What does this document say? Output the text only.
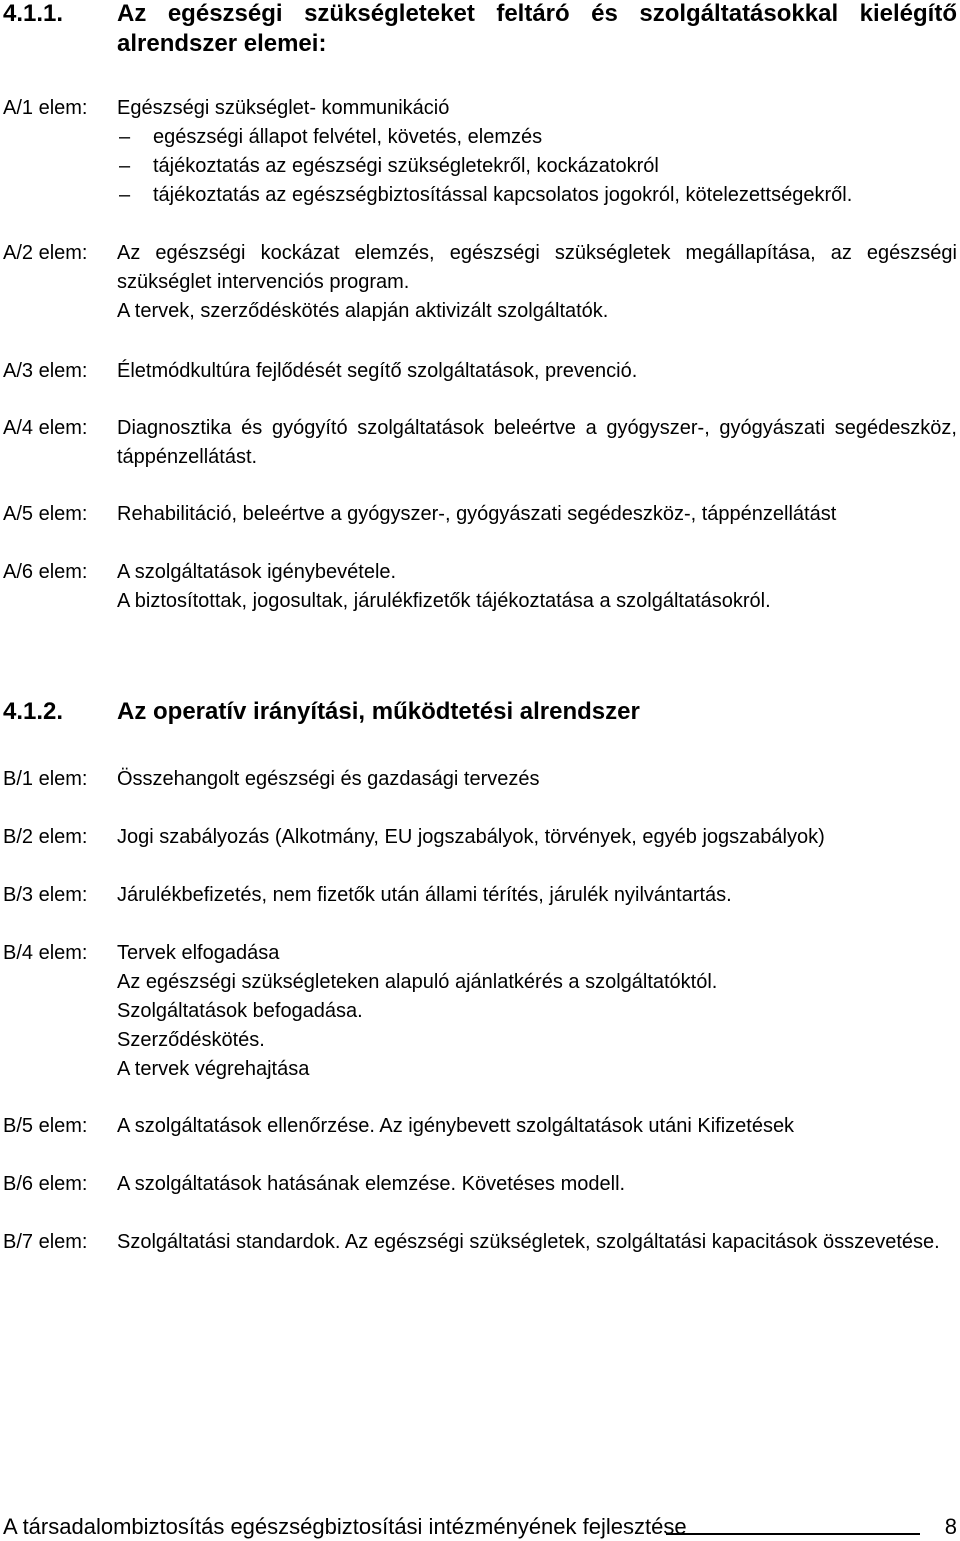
4.1.1. Az egészségi szükségleteket feltáró és szolgáltatásokkal kielégítő alrendszer elemei:
A/1 elem: Egészségi szükséglet- kommunikáció
– egészségi állapot felvétel, követés, elemzés
– tájékoztatás az egészségi szükségletekről, kockázatokról
– tájékoztatás az egészségbiztosítással kapcsolatos jogokról, kötelezettségekről.
A/2 elem: Az egészségi kockázat elemzés, egészségi szükségletek megállapítása, az egészségi szükséglet intervenciós program.
A tervek, szerződéskötés alapján aktivizált szolgáltatók.
A/3 elem: Életmódkultúra fejlődését segítő szolgáltatások, prevenció.
A/4 elem: Diagnosztika és gyógyító szolgáltatások beleértve a gyógyszer-, gyógyászati segédeszköz, táppénzellátást.
A/5 elem: Rehabilitáció, beleértve a gyógyszer-, gyógyászati segédeszköz-, táppénzellátást
A/6 elem: A szolgáltatások igénybevétele.
A biztosítottak, jogosultak, járulékfizetők tájékoztatása a szolgáltatásokról.
4.1.2. Az operatív irányítási, működtetési alrendszer
B/1 elem: Összehangolt egészségi és gazdasági tervezés
B/2 elem: Jogi szabályozás (Alkotmány, EU jogszabályok, törvények, egyéb jogszabályok)
B/3 elem: Járulékbefizetés, nem fizetők után állami térítés, járulék nyilvántartás.
B/4 elem: Tervek elfogadása
Az egészségi szükségleteken alapuló ajánlatkérés a szolgáltatóktól.
Szolgáltatások befogadása.
Szerződéskötés.
A tervek végrehajtása
B/5 elem: A szolgáltatások ellenőrzése. Az igénybevett szolgáltatások utáni Kifizetések
B/6 elem: A szolgáltatások hatásának elemzése. Követéses modell.
B/7 elem: Szolgáltatási standardok. Az egészségi szükségletek, szolgáltatási kapacitások összevetése.
A társadalombiztosítás egészségbiztosítási intézményének fejlesztése	8
